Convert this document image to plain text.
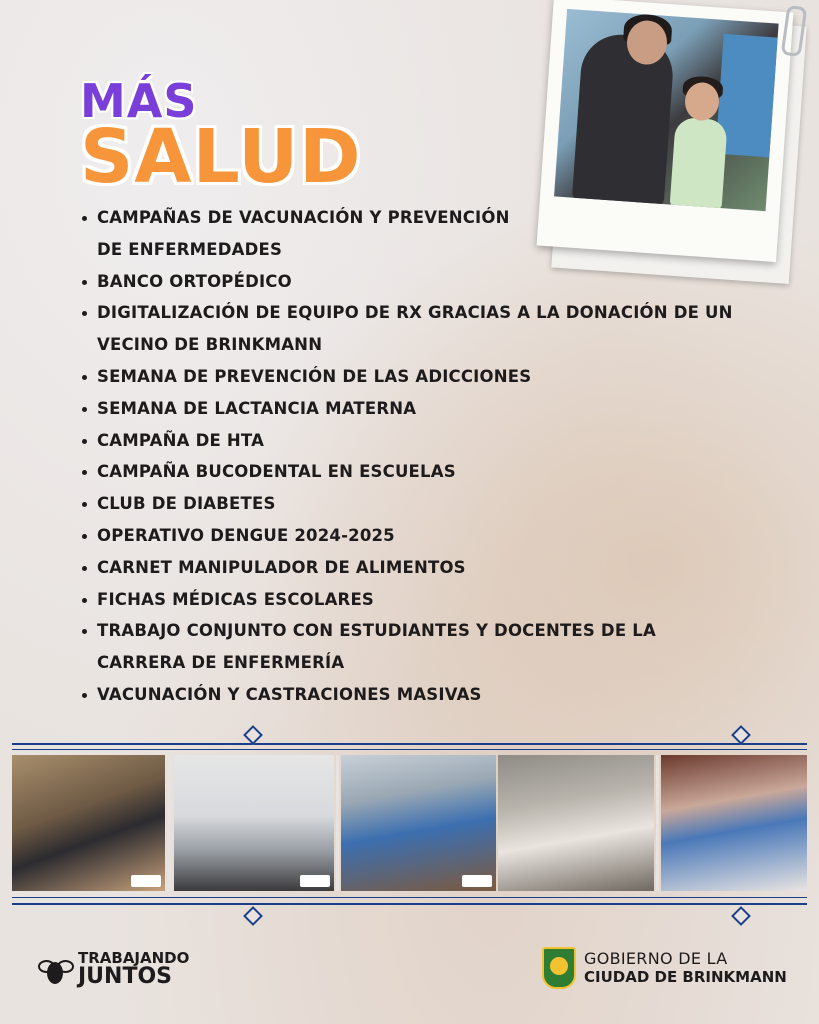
MÁS
SALUD
CAMPAÑAS DE VACUNACIÓN Y PREVENCIÓN
DE ENFERMEDADES
BANCO ORTOPÉDICO
DIGITALIZACIÓN DE EQUIPO DE RX GRACIAS A LA DONACIÓN DE UN
VECINO DE BRINKMANN
SEMANA DE PREVENCIÓN DE LAS ADICCIONES
SEMANA DE LACTANCIA MATERNA
CAMPAÑA DE HTA
CAMPAÑA BUCODENTAL EN ESCUELAS
CLUB DE DIABETES
OPERATIVO DENGUE 2024-2025
CARNET MANIPULADOR DE ALIMENTOS
FICHAS MÉDICAS ESCOLARES
TRABAJO CONJUNTO CON ESTUDIANTES Y DOCENTES DE LA
CARRERA DE ENFERMERÍA
VACUNACIÓN Y CASTRACIONES MASIVAS
TRABAJANDO
JUNTOS
GOBIERNO DE LA
CIUDAD DE BRINKMANN
